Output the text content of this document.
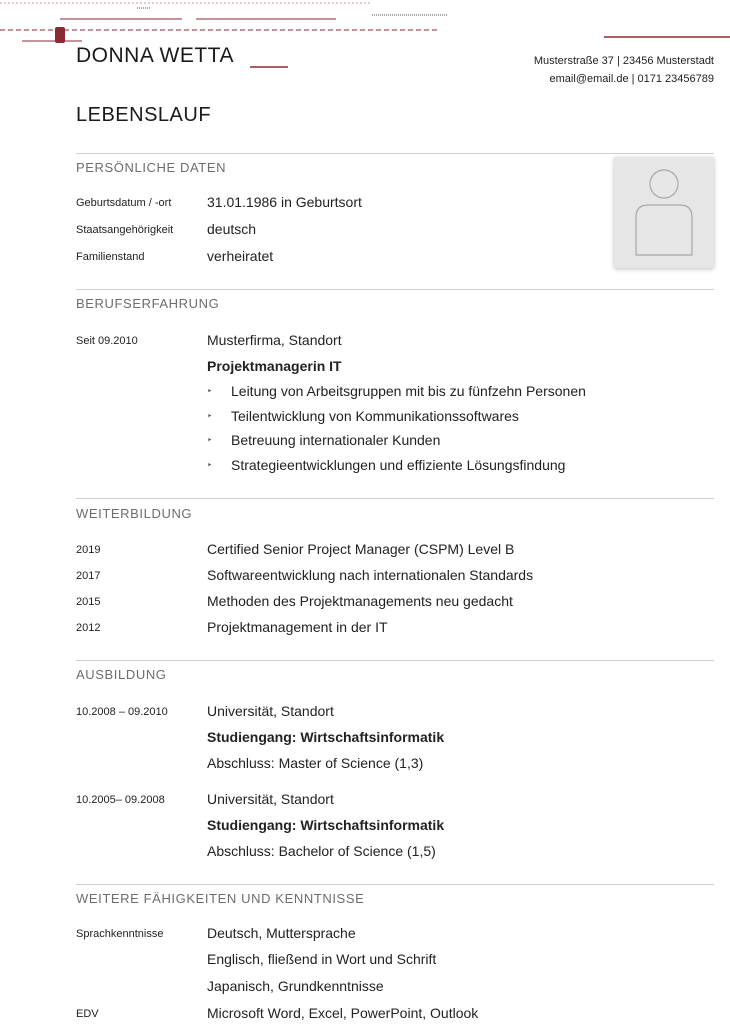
DONNA WETTA	Musterstraße 37 | 23456 Musterstadt
email@email.de | 0171 23456789
LEBENSLAUF
PERSÖNLICHE DATEN
Geburtsdatum / -ort	31.01.1986 in Geburtsort
Staatsangehörigkeit deutsch
Familienstand	verheiratet
BERUFSERFAHRUNG
Seit 09.2010	Musterfirma, Standort
Projektmanagerin IT
‣ Leitung von Arbeitsgruppen mit bis zu fünfzehn Personen
‣ Teilentwicklung von Kommunikationssoftwares
‣ Betreuung internationaler Kunden
‣ Strategieentwicklungen und effiziente Lösungsfindung
WEITERBILDUNG
2019	Certified Senior Project Manager (CSPM) Level B
2017	Softwareentwicklung nach internationalen Standards
2015	Methoden des Projektmanagements neu gedacht
2012	Projektmanagement in der IT
AUSBILDUNG
10.2008 – 09.2010	Universität, Standort
Studiengang: Wirtschaftsinformatik
Abschluss: Master of Science (1,3)
10.2005– 09.2008	Universität, Standort
Studiengang: Wirtschaftsinformatik
Abschluss: Bachelor of Science (1,5)
WEITERE FÄHIGKEITEN UND KENNTNISSE
Sprachkenntnisse	Deutsch, Muttersprache
Englisch, fließend in Wort und Schrift
Japanisch, Grundkenntnisse
EDV	Microsoft Word, Excel, PowerPoint, Outlook
